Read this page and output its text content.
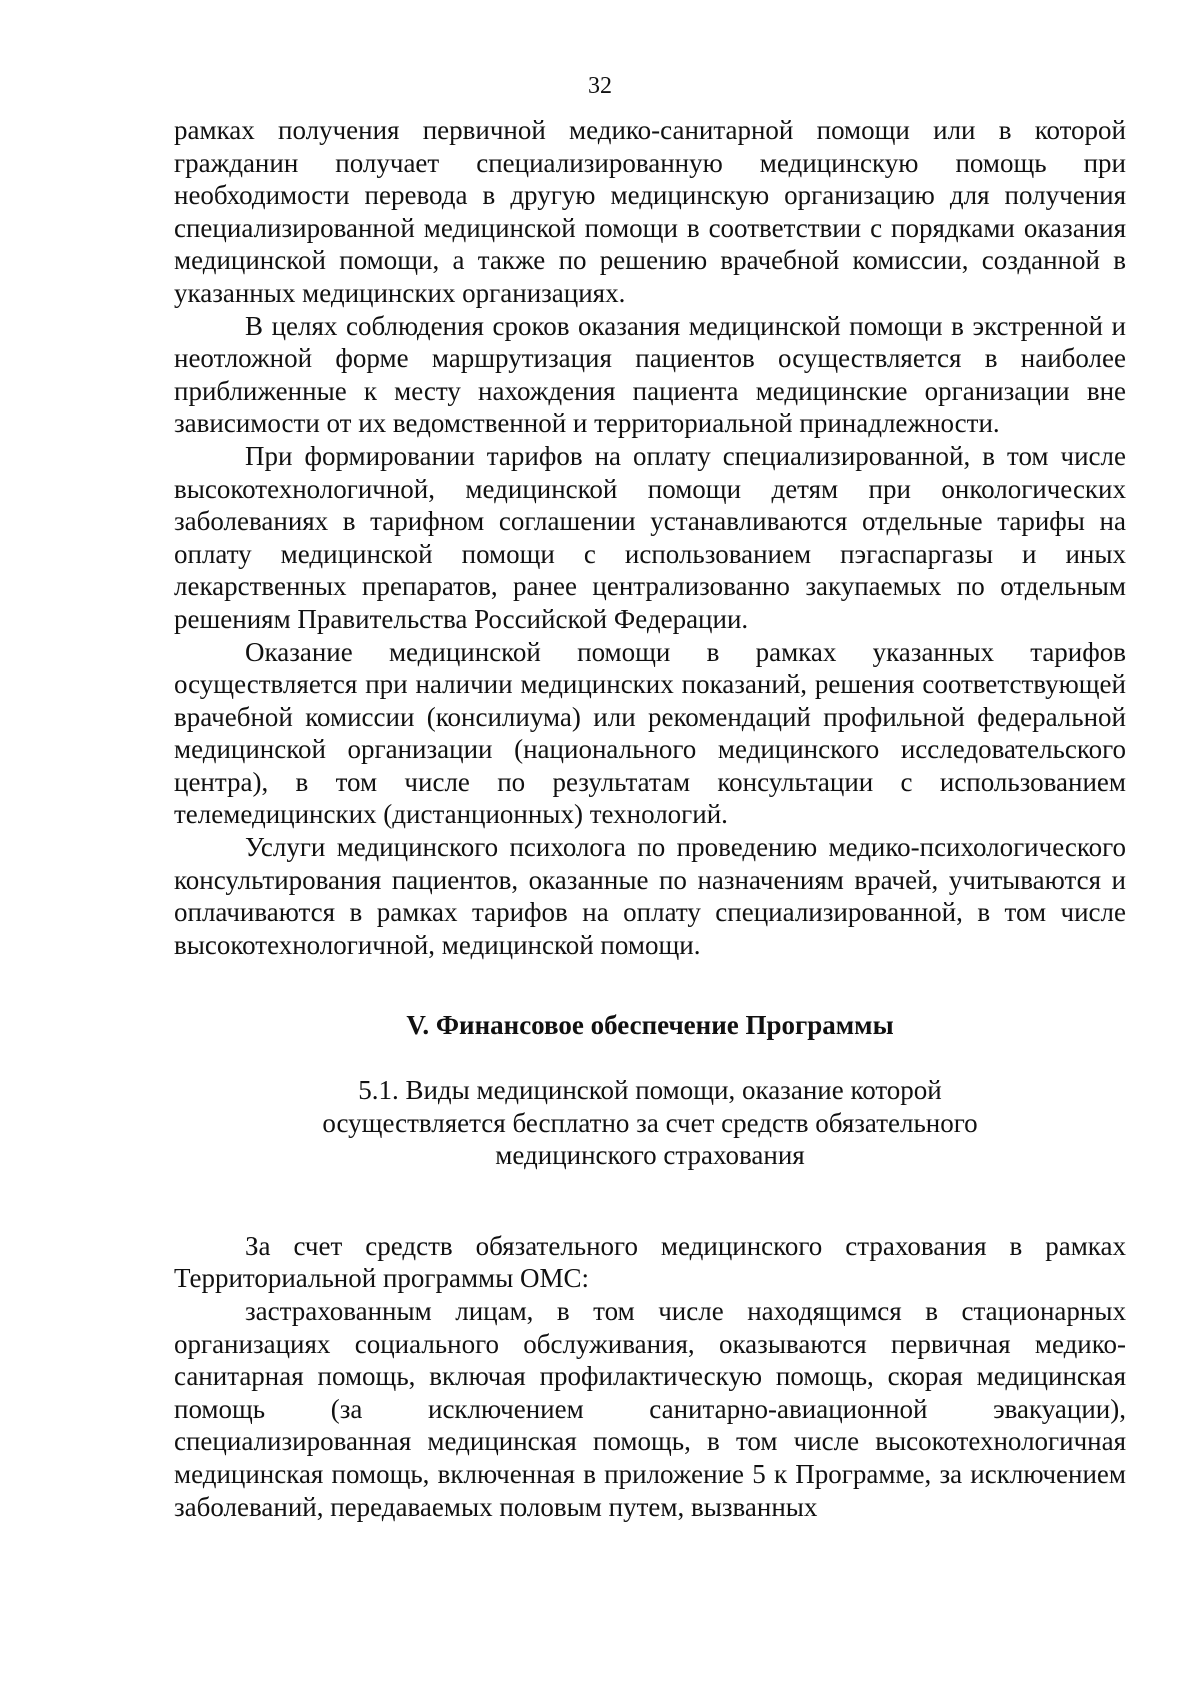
32

рамках получения первичной медико-санитарной помощи или в которой гражданин получает специализированную медицинскую помощь при необходимости перевода в другую медицинскую организацию для получения специализированной медицинской помощи в соответствии с порядками оказания медицинской помощи, а также по решению врачебной комиссии, созданной в указанных медицинских организациях.

В целях соблюдения сроков оказания медицинской помощи в экстренной и неотложной форме маршрутизация пациентов осуществляется в наиболее приближенные к месту нахождения пациента медицинские организации вне зависимости от их ведомственной и территориальной принадлежности.

При формировании тарифов на оплату специализированной, в том числе высокотехнологичной, медицинской помощи детям при онкологических заболеваниях в тарифном соглашении устанавливаются отдельные тарифы на оплату медицинской помощи с использованием пэгаспаргазы и иных лекарственных препаратов, ранее централизованно закупаемых по отдельным решениям Правительства Российской Федерации.

Оказание медицинской помощи в рамках указанных тарифов осуществляется при наличии медицинских показаний, решения соответствующей врачебной комиссии (консилиума) или рекомендаций профильной федеральной медицинской организации (национального медицинского исследовательского центра), в том числе по результатам консультации с использованием телемедицинских (дистанционных) технологий.

Услуги медицинского психолога по проведению медико-психологического консультирования пациентов, оказанные по назначениям врачей, учитываются и оплачиваются в рамках тарифов на оплату специализированной, в том числе высокотехнологичной, медицинской помощи.

V. Финансовое обеспечение Программы
5.1. Виды медицинской помощи, оказание которой
осуществляется бесплатно за счет средств обязательного
медицинского страхования

За счет средств обязательного медицинского страхования в рамках Территориальной программы ОМС:

застрахованным лицам, в том числе находящимся в стационарных организациях социального обслуживания, оказываются первичная медико-санитарная помощь, включая профилактическую помощь, скорая медицинская помощь (за исключением санитарно-авиационной эвакуации), специализированная медицинская помощь, в том числе высокотехнологичная медицинская помощь, включенная в приложение 5 к Программе, за исключением заболеваний, передаваемых половым путем, вызванных
